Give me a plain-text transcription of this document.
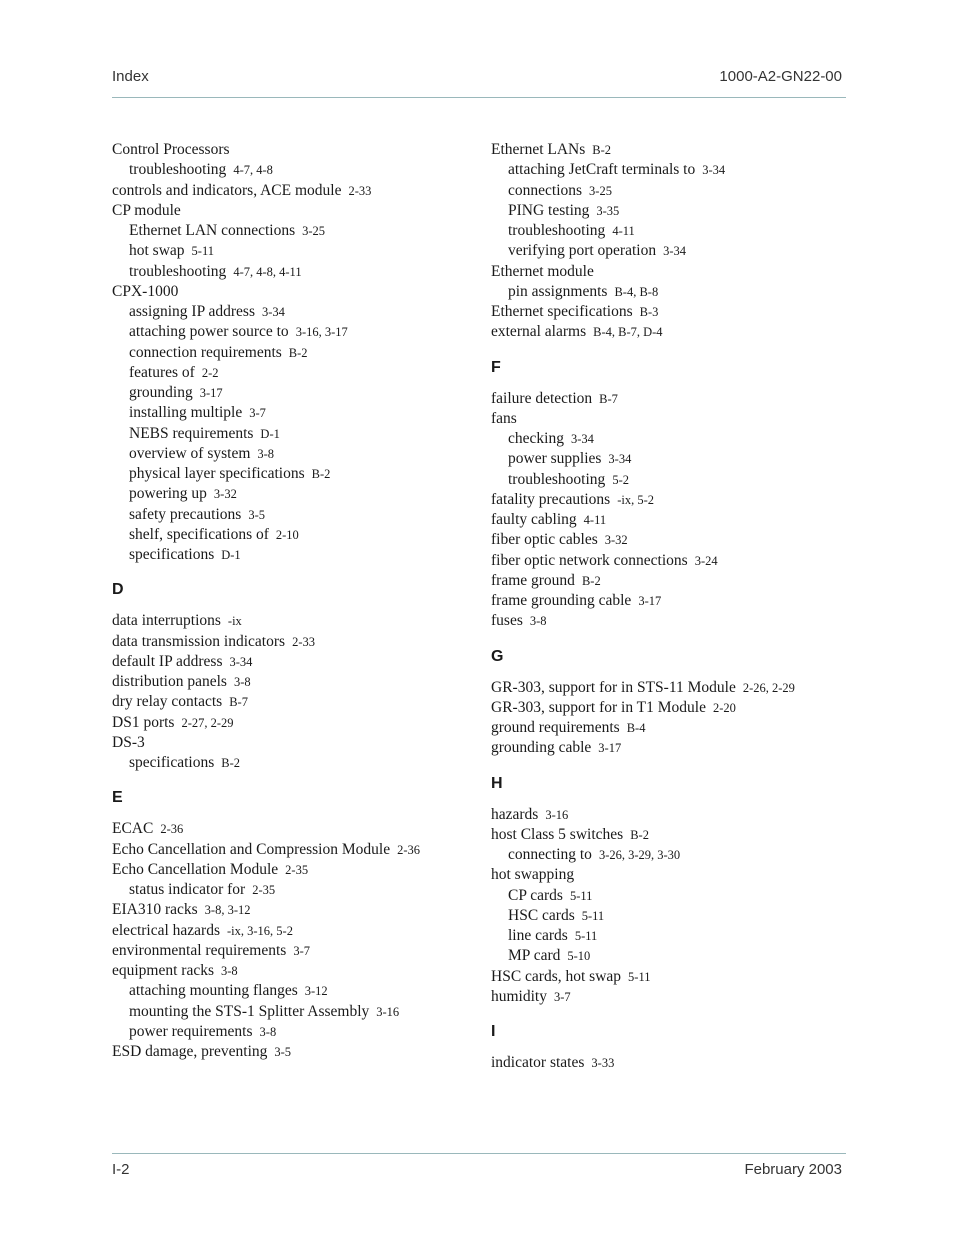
Index	1000-A2-GN22-00
Control Processors
troubleshooting 4-7, 4-8
controls and indicators, ACE module 2-33
CP module
Ethernet LAN connections 3-25
hot swap 5-11
troubleshooting 4-7, 4-8, 4-11
CPX-1000
assigning IP address 3-34
attaching power source to 3-16, 3-17
connection requirements B-2
features of 2-2
grounding 3-17
installing multiple 3-7
NEBS requirements D-1
overview of system 3-8
physical layer specifications B-2
powering up 3-32
safety precautions 3-5
shelf, specifications of 2-10
specifications D-1
D
data interruptions -ix
data transmission indicators 2-33
default IP address 3-34
distribution panels 3-8
dry relay contacts B-7
DS1 ports 2-27, 2-29
DS-3
specifications B-2
E
ECAC 2-36
Echo Cancellation and Compression Module 2-36
Echo Cancellation Module 2-35
status indicator for 2-35
EIA310 racks 3-8, 3-12
electrical hazards -ix, 3-16, 5-2
environmental requirements 3-7
equipment racks 3-8
attaching mounting flanges 3-12
mounting the STS-1 Splitter Assembly 3-16
power requirements 3-8
ESD damage, preventing 3-5
Ethernet LANs B-2
attaching JetCraft terminals to 3-34
connections 3-25
PING testing 3-35
troubleshooting 4-11
verifying port operation 3-34
Ethernet module
pin assignments B-4, B-8
Ethernet specifications B-3
external alarms B-4, B-7, D-4
F
failure detection B-7
fans
checking 3-34
power supplies 3-34
troubleshooting 5-2
fatality precautions -ix, 5-2
faulty cabling 4-11
fiber optic cables 3-32
fiber optic network connections 3-24
frame ground B-2
frame grounding cable 3-17
fuses 3-8
G
GR-303, support for in STS-11 Module 2-26, 2-29
GR-303, support for in T1 Module 2-20
ground requirements B-4
grounding cable 3-17
H
hazards 3-16
host Class 5 switches B-2
connecting to 3-26, 3-29, 3-30
hot swapping
CP cards 5-11
HSC cards 5-11
line cards 5-11
MP card 5-10
HSC cards, hot swap 5-11
humidity 3-7
I
indicator states 3-33
I-2	February 2003
